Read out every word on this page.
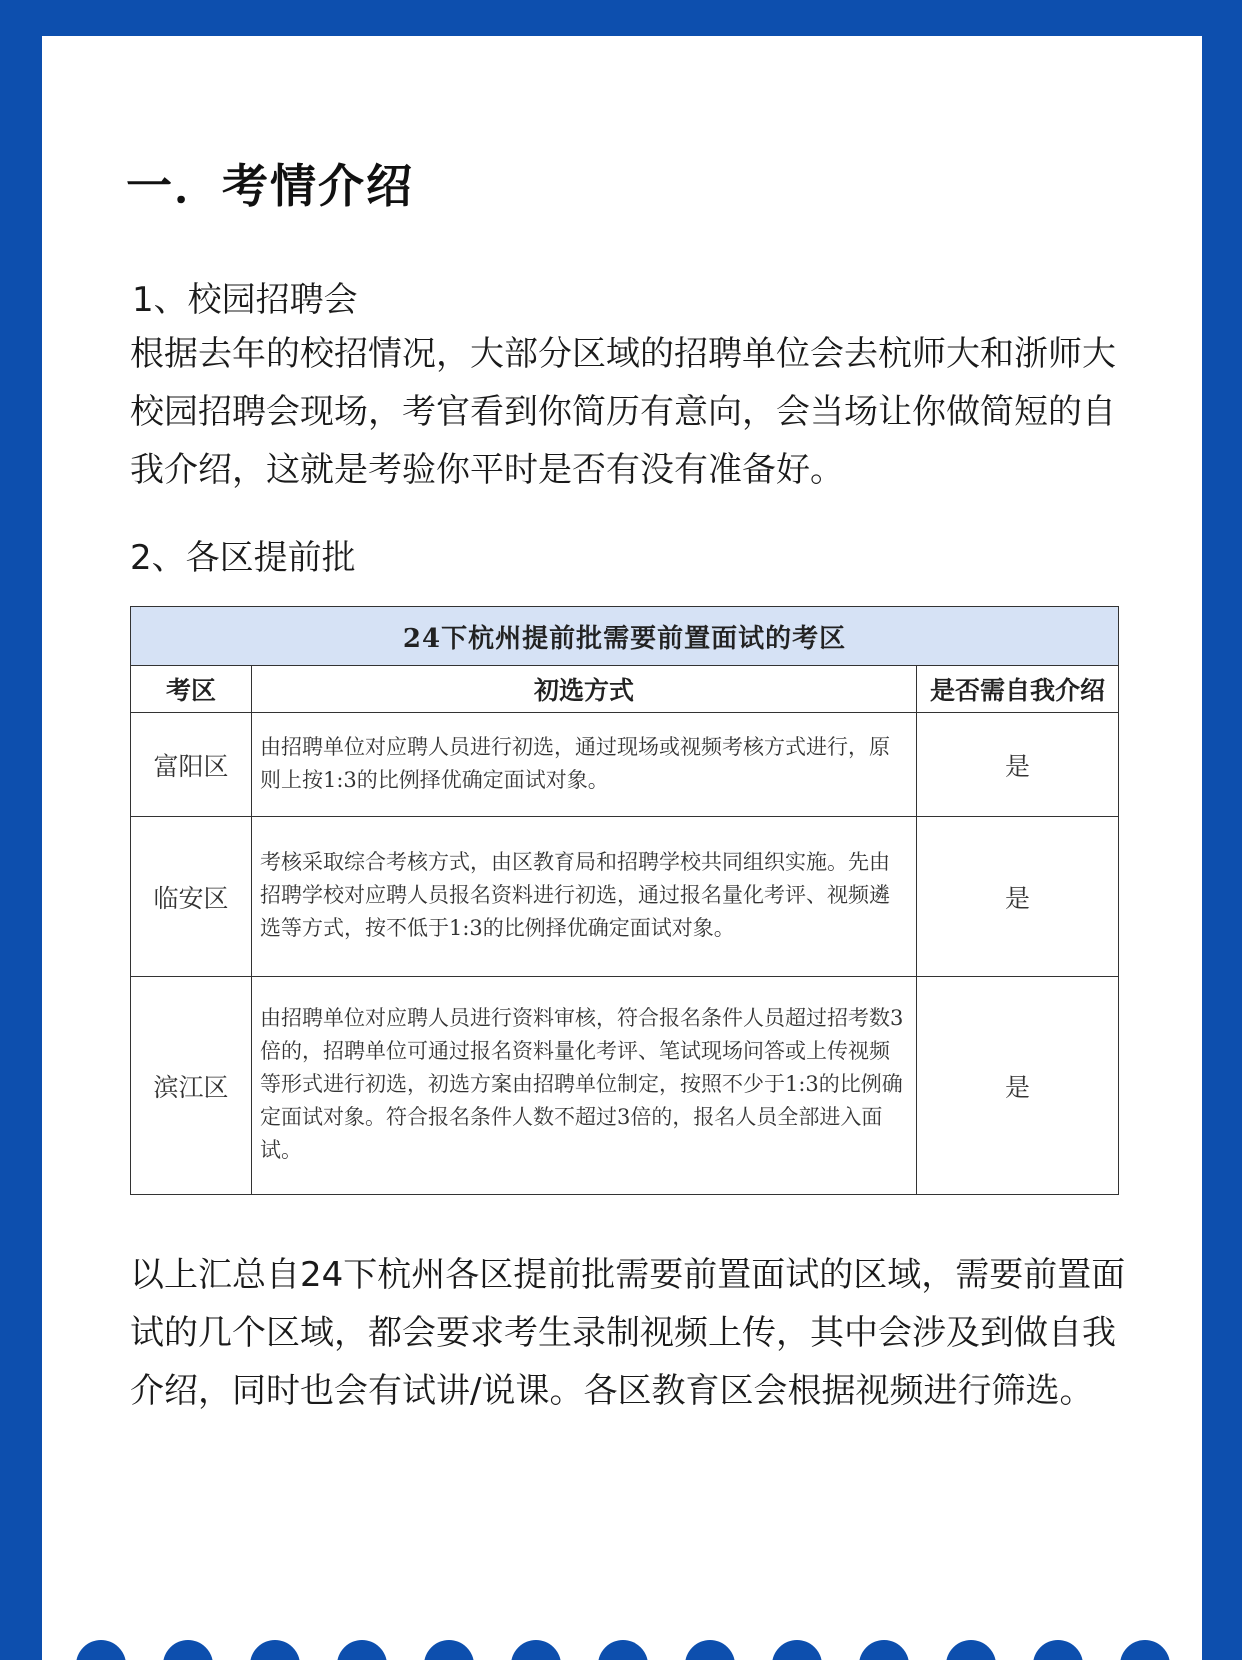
一．考情介绍
1、校园招聘会

根据去年的校招情况，大部分区域的招聘单位会去杭师大和浙师大校园招聘会现场，考官看到你简历有意向，会当场让你做简短的自我介绍，这就是考验你平时是否有没有准备好。

2、各区提前批
24下杭州提前批需要前置面试的考区		
考区	初选方式	是否需自我介绍
富阳区	由招聘单位对应聘人员进行初选，通过现场或视频考核方式进行，原则上按1:3的比例择优确定面试对象。	是
临安区	考核采取综合考核方式，由区教育局和招聘学校共同组织实施。先由招聘学校对应聘人员报名资料进行初选，通过报名量化考评、视频遴选等方式，按不低于1:3的比例择优确定面试对象。	是
滨江区	由招聘单位对应聘人员进行资料审核，符合报名条件人员超过招考数3倍的，招聘单位可通过报名资料量化考评、笔试现场问答或上传视频等形式进行初选，初选方案由招聘单位制定，按照不少于1:3的比例确定面试对象。符合报名条件人数不超过3倍的，报名人员全部进入面试。	是

以上汇总自24下杭州各区提前批需要前置面试的区域，需要前置面试的几个区域，都会要求考生录制视频上传，其中会涉及到做自我介绍，同时也会有试讲/说课。各区教育区会根据视频进行筛选。
